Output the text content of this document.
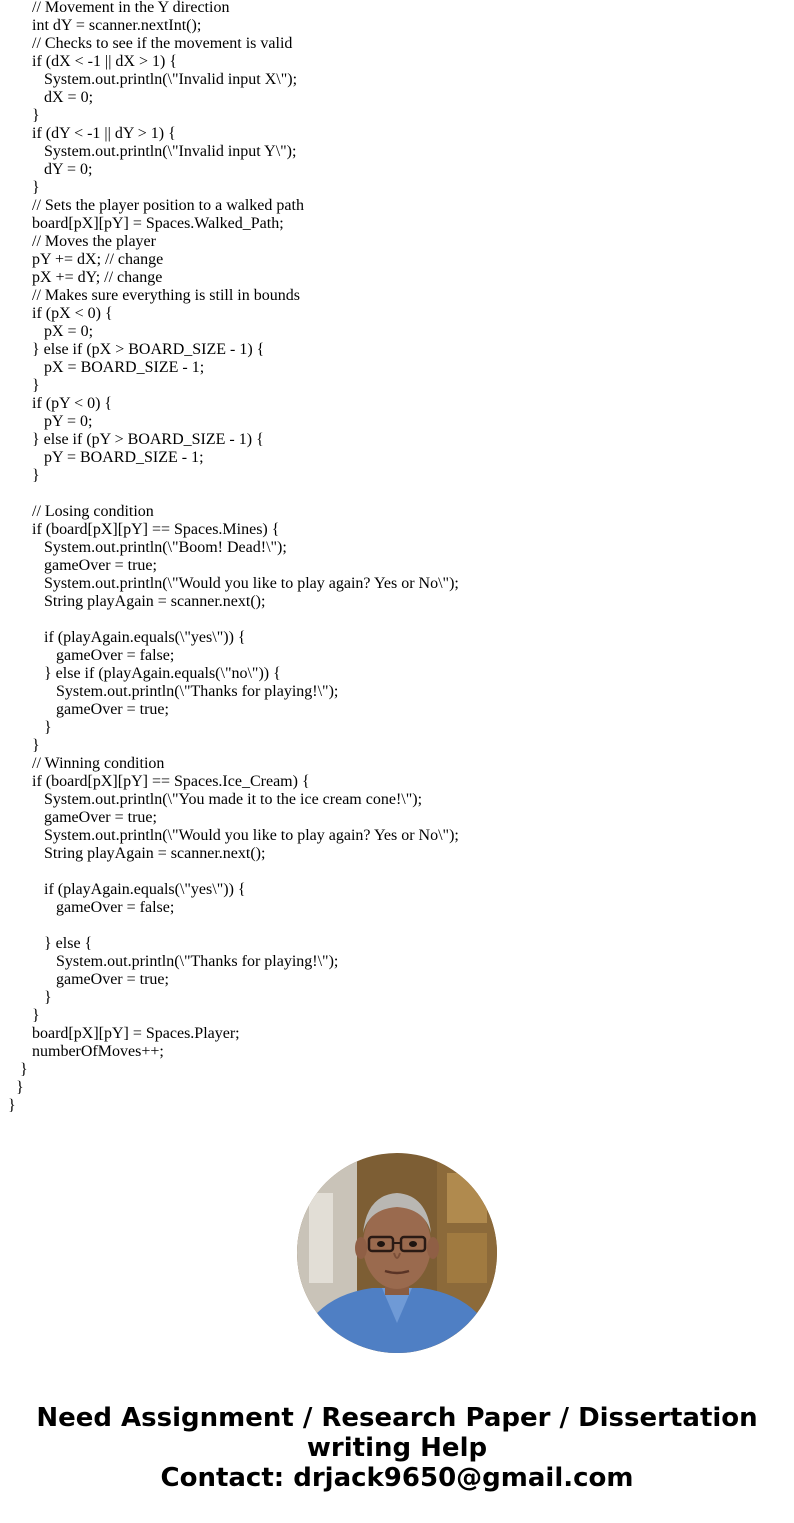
// Movement in the Y direction
int dY = scanner.nextInt();
// Checks to see if the movement is valid
if (dX < -1 || dX > 1) {
System.out.println(\"Invalid input X\");
dX = 0;
}
if (dY < -1 || dY > 1) {
System.out.println(\"Invalid input Y\");
dY = 0;
}
// Sets the player position to a walked path
board[pX][pY] = Spaces.Walked_Path;
// Moves the player
pY += dX; // change
pX += dY; // change
// Makes sure everything is still in bounds
if (pX < 0) {
pX = 0;
} else if (pX > BOARD_SIZE - 1) {
pX = BOARD_SIZE - 1;
}
if (pY < 0) {
pY = 0;
} else if (pY > BOARD_SIZE - 1) {
pY = BOARD_SIZE - 1;
}
// Losing condition
if (board[pX][pY] == Spaces.Mines) {
System.out.println(\"Boom! Dead!\");
gameOver = true;
System.out.println(\"Would you like to play again? Yes or No\");
String playAgain = scanner.next();
if (playAgain.equals(\"yes\")) {
gameOver = false;
} else if (playAgain.equals(\"no\")) {
System.out.println(\"Thanks for playing!\");
gameOver = true;
}
}
// Winning condition
if (board[pX][pY] == Spaces.Ice_Cream) {
System.out.println(\"You made it to the ice cream cone!\");
gameOver = true;
System.out.println(\"Would you like to play again? Yes or No\");
String playAgain = scanner.next();
if (playAgain.equals(\"yes\")) {
gameOver = false;
} else {
System.out.println(\"Thanks for playing!\");
gameOver = true;
}
}
board[pX][pY] = Spaces.Player;
numberOfMoves++;
}
}
}
Need Assignment / Research Paper / Dissertation
writing Help
Contact: drjack9650@gmail.com
